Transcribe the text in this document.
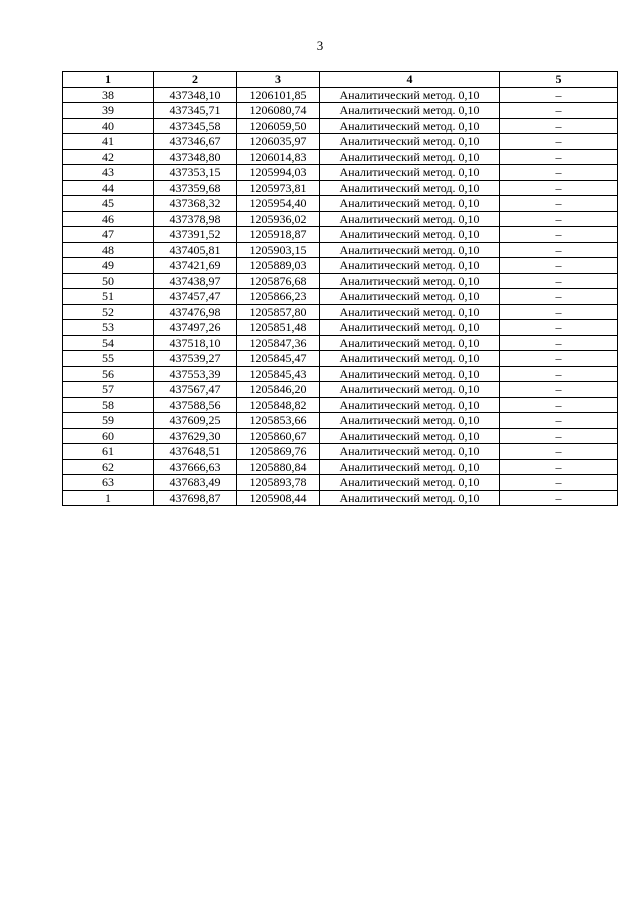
3
1	2	3	4	5
38	437348,10	1206101,85	Аналитический метод. 0,10	–
39	437345,71	1206080,74	Аналитический метод. 0,10	–
40	437345,58	1206059,50	Аналитический метод. 0,10	–
41	437346,67	1206035,97	Аналитический метод. 0,10	–
42	437348,80	1206014,83	Аналитический метод. 0,10	–
43	437353,15	1205994,03	Аналитический метод. 0,10	–
44	437359,68	1205973,81	Аналитический метод. 0,10	–
45	437368,32	1205954,40	Аналитический метод. 0,10	–
46	437378,98	1205936,02	Аналитический метод. 0,10	–
47	437391,52	1205918,87	Аналитический метод. 0,10	–
48	437405,81	1205903,15	Аналитический метод. 0,10	–
49	437421,69	1205889,03	Аналитический метод. 0,10	–
50	437438,97	1205876,68	Аналитический метод. 0,10	–
51	437457,47	1205866,23	Аналитический метод. 0,10	–
52	437476,98	1205857,80	Аналитический метод. 0,10	–
53	437497,26	1205851,48	Аналитический метод. 0,10	–
54	437518,10	1205847,36	Аналитический метод. 0,10	–
55	437539,27	1205845,47	Аналитический метод. 0,10	–
56	437553,39	1205845,43	Аналитический метод. 0,10	–
57	437567,47	1205846,20	Аналитический метод. 0,10	–
58	437588,56	1205848,82	Аналитический метод. 0,10	–
59	437609,25	1205853,66	Аналитический метод. 0,10	–
60	437629,30	1205860,67	Аналитический метод. 0,10	–
61	437648,51	1205869,76	Аналитический метод. 0,10	–
62	437666,63	1205880,84	Аналитический метод. 0,10	–
63	437683,49	1205893,78	Аналитический метод. 0,10	–
1	437698,87	1205908,44	Аналитический метод. 0,10	–
